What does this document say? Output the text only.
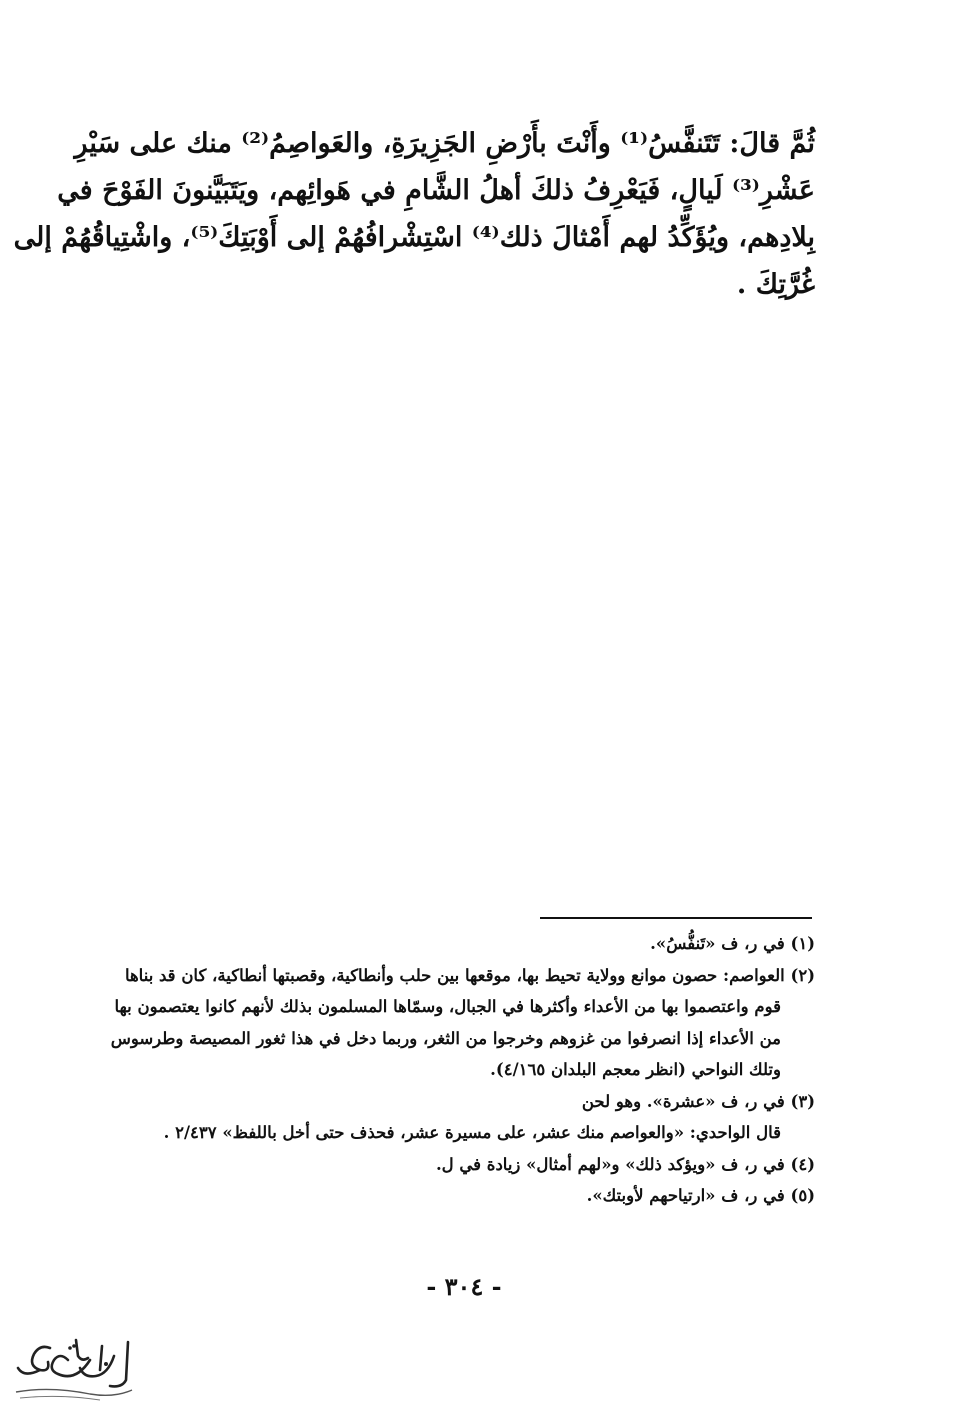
ثُمَّ قالَ: تَتَنفَّسُ⁽¹⁾ وأَنْتَ بأَرْضِ الجَزِيرَةِ، والعَواصِمُ⁽²⁾ منك على سَيْرِ
عَشْرِ⁽³⁾ لَيالٍ، فَيَعْرِفُ ذلكَ أهلُ الشَّامِ في هَوائِهم، ويَتَبَيَّنونَ الفَوْحَ في
بِلادِهم، ويُؤَكِّدُ لهم أَمْثالَ ذلك⁽⁴⁾ اسْتِشْرافُهُمْ إلى أَوْبَتِكَ⁽⁵⁾، واشْتِياقُهُمْ إلى
غُرَّتِكَ .
(١) في ر، ف «تَنفُّسُ».
(٢) العواصم: حصون موانع وولاية تحيط بها، موقعها بين حلب وأنطاكية، وقصبتها أنطاكية، كان قد بناها
قوم واعتصموا بها من الأعداء وأكثرها في الجبال، وسمّاها المسلمون بذلك لأنهم كانوا يعتصمون بها
من الأعداء إذا انصرفوا من غزوهم وخرجوا من الثغر، وربما دخل في هذا ثغور المصيصة وطرسوس
وتلك النواحي (انظر معجم البلدان ٤/١٦٥).
(٣) في ر، ف «عشرة». وهو لحن
قال الواحدي: «والعواصم منك عشر، على مسيرة عشر، فحذف حتى أخل باللفظ» ٢/٤٣٧ .
(٤) في ر، ف «ويؤكد ذلك» و«لهم أمثال» زيادة في ل.
(٥) في ر، ف «ارتياحهم لأوبتك».
- ٣٠٤ -
